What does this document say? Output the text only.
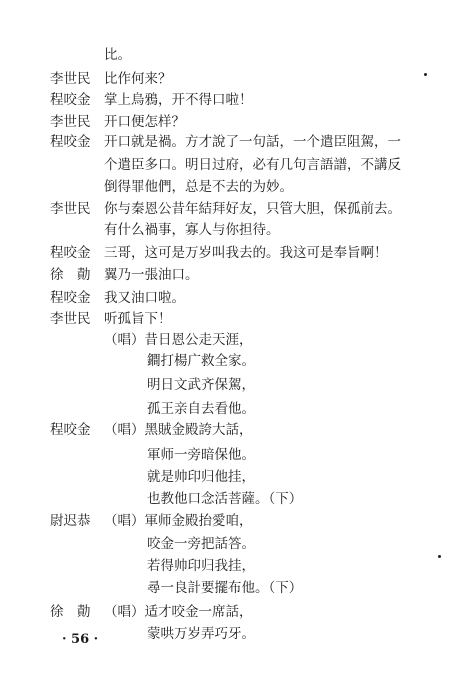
比。
李世民 比作何来？
程咬金 掌上烏鴉，开不得口啦！
李世民 开口便怎样？
程咬金 开口就是禍。方才說了一句話，一个遣臣阻駕，一
个遣臣多口。明日过府，必有几句言語譜，不講反
倒得罪他們，总是不去的为妙。
李世民 你与秦恩公昔年結拜好友，只管大胆，保孤前去。
有什么禍事，寡人与你担待。
程咬金 三哥，这可是万岁叫我去的。我这可是奉旨啊！
徐　勣 翼乃一張油口。
程咬金 我又油口啦。
李世民 听孤旨下！
（唱）昔日恩公走天涯，
鐧打楊广救全家。
明日文武齐保駕，
孤王亲自去看他。
程咬金 （唱）黑賊金殿誇大話，
軍师一旁暗保他。
就是帅印归他挂，
也教他口念活菩薩。（下）
尉迟恭 （唱）軍师金殿抬愛咱，
咬金一旁把話答。
若得帅印归我挂，
尋一良計要擺布他。（下）
徐　勣 （唱）适才咬金一席話，
蒙哄万岁弄巧牙。
· 56 ·
